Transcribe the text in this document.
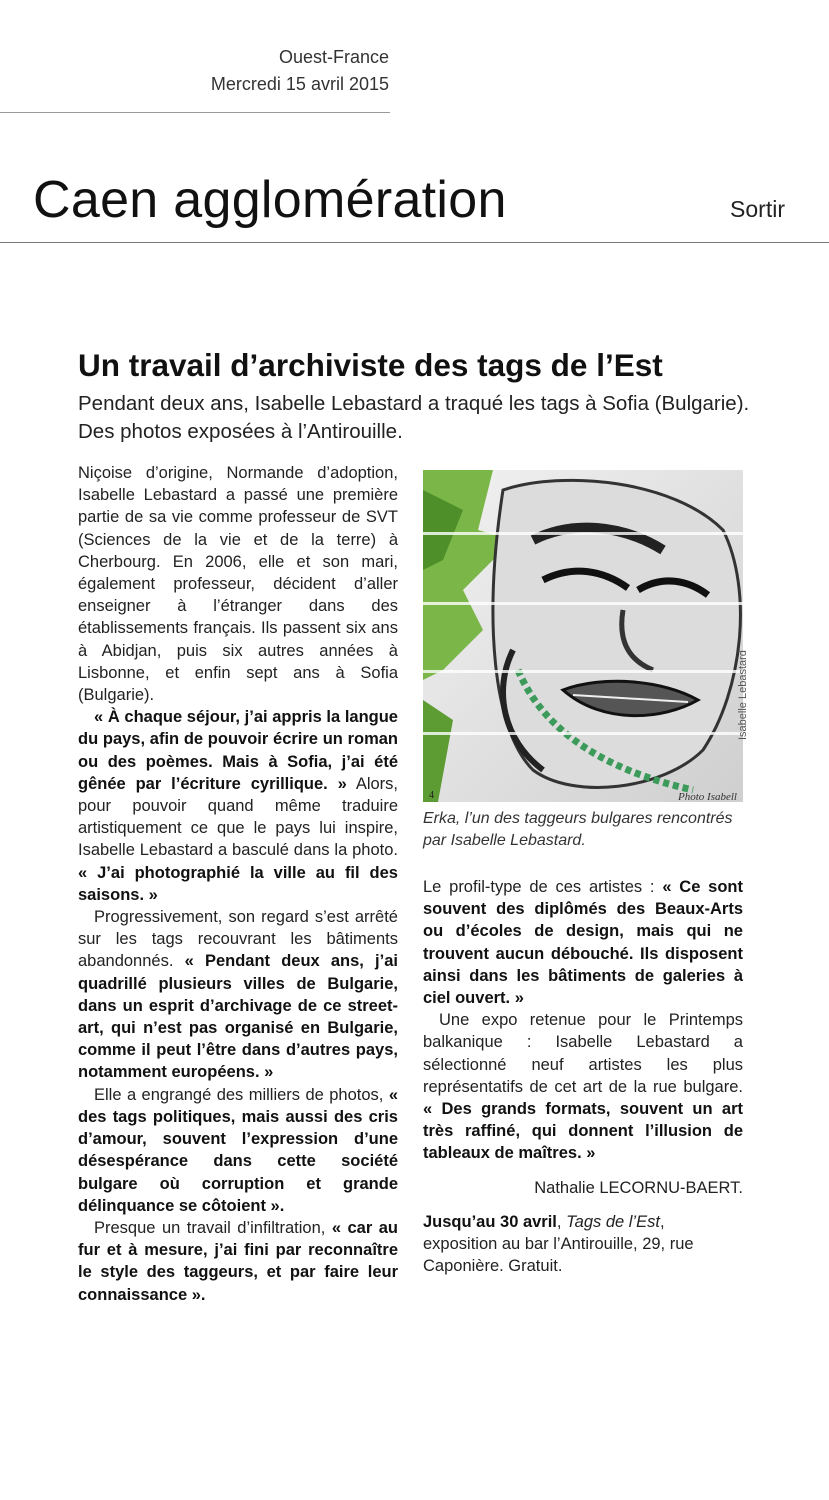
Ouest-France
Mercredi 15 avril 2015
Caen agglomération	Sortir
Un travail d’archiviste des tags de l’Est
Pendant deux ans, Isabelle Lebastard a traqué les tags à Sofia (Bulgarie). Des photos exposées à l’Antirouille.

Niçoise d’origine, Normande d’adoption, Isabelle Lebastard a passé une première partie de sa vie comme professeur de SVT (Sciences de la vie et de la terre) à Cherbourg. En 2006, elle et son mari, également professeur, décident d’aller enseigner à l’étranger dans des établissements français. Ils passent six ans à Abidjan, puis six autres années à Lisbonne, et enfin sept ans à Sofia (Bulgarie).

« À chaque séjour, j’ai appris la langue du pays, afin de pouvoir écrire un roman ou des poèmes. Mais à Sofia, j’ai été gênée par l’écriture cyrillique. » Alors, pour pouvoir quand même traduire artistiquement ce que le pays lui inspire, Isabelle Lebastard a basculé dans la photo. « J’ai photographié la ville au fil des saisons. »

Progressivement, son regard s’est arrêté sur les tags recouvrant les bâtiments abandonnés. « Pendant deux ans, j’ai quadrillé plusieurs villes de Bulgarie, dans un esprit d’archivage de ce street-art, qui n’est pas organisé en Bulgarie, comme il peut l’être dans d’autres pays, notamment européens. »

Elle a engrangé des milliers de photos, « des tags politiques, mais aussi des cris d’amour, souvent l’expression d’une désespérance dans cette société bulgare où corruption et grande délinquance se côtoient ».

Presque un travail d’infiltration, « car au fur et à mesure, j’ai fini par reconnaître le style des taggeurs, et par faire leur connaissance ».

4	Photo Isabell
Isabelle Lebastard
Erka, l’un des taggeurs bulgares rencontrés par Isabelle Lebastard.

Le profil-type de ces artistes : « Ce sont souvent des diplômés des Beaux-Arts ou d’écoles de design, mais qui ne trouvent aucun débouché. Ils disposent ainsi dans les bâtiments de galeries à ciel ouvert. »

Une expo retenue pour le Printemps balkanique : Isabelle Lebastard a sélectionné neuf artistes les plus représentatifs de cet art de la rue bulgare. « Des grands formats, souvent un art très raffiné, qui donnent l’illusion de tableaux de maîtres. »

Nathalie LECORNU-BAERT.

Jusqu’au 30 avril, Tags de l’Est, exposition au bar l’Antirouille, 29, rue Caponière. Gratuit.
